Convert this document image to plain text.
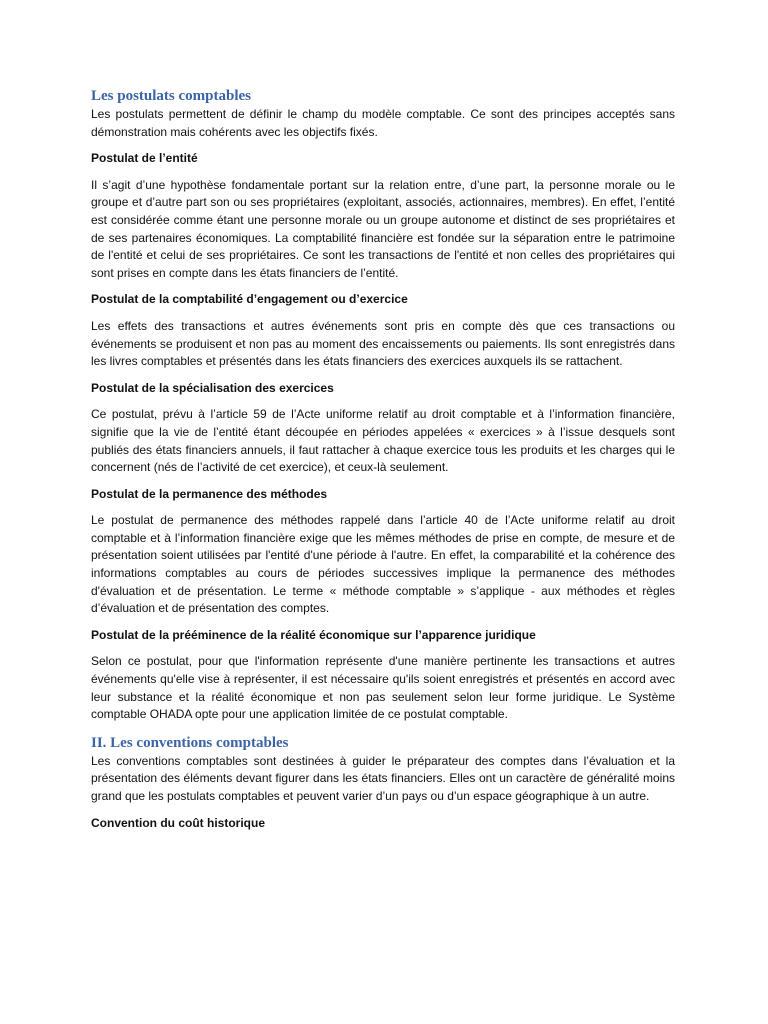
Les postulats comptables

Les postulats permettent de définir le champ du modèle comptable. Ce sont des principes acceptés sans démonstration mais cohérents avec les objectifs fixés.

Postulat de l’entité

Il s’agit d’une hypothèse fondamentale portant sur la relation entre, d’une part, la personne morale ou le groupe et d’autre part son ou ses propriétaires (exploitant, associés, actionnaires, membres). En effet, l’entité est considérée comme étant une personne morale ou un groupe autonome et distinct de ses propriétaires et de ses partenaires économiques. La comptabilité financière est fondée sur la séparation entre le patrimoine de l'entité et celui de ses propriétaires. Ce sont les transactions de l'entité et non celles des propriétaires qui sont prises en compte dans les états financiers de l’entité.

Postulat de la comptabilité d’engagement ou d’exercice

Les effets des transactions et autres événements sont pris en compte dès que ces transactions ou événements se produisent et non pas au moment des encaissements ou paiements. Ils sont enregistrés dans les livres comptables et présentés dans les états financiers des exercices auxquels ils se rattachent.

Postulat de la spécialisation des exercices

Ce postulat, prévu à l’article 59 de l’Acte uniforme relatif au droit comptable et à l’information financière, signifie que la vie de l’entité étant découpée en périodes appelées « exercices » à l’issue desquels sont publiés des états financiers annuels, il faut rattacher à chaque exercice tous les produits et les charges qui le concernent (nés de l’activité de cet exercice), et ceux-là seulement.

Postulat de la permanence des méthodes

Le postulat de permanence des méthodes rappelé dans l’article 40 de l’Acte uniforme relatif au droit comptable et à l’information financière exige que les mêmes méthodes de prise en compte, de mesure et de présentation soient utilisées par l'entité d'une période à l'autre. En effet, la comparabilité et la cohérence des informations comptables au cours de périodes successives implique la permanence des méthodes d'évaluation et de présentation. Le terme « méthode comptable » s’applique - aux méthodes et règles d’évaluation et de présentation des comptes.

Postulat de la prééminence de la réalité économique sur l’apparence juridique

Selon ce postulat, pour que l'information représente d'une manière pertinente les transactions et autres événements qu'elle vise à représenter, il est nécessaire qu'ils soient enregistrés et présentés en accord avec leur substance et la réalité économique et non pas seulement selon leur forme juridique. Le Système comptable OHADA opte pour une application limitée de ce postulat comptable.

II. Les conventions comptables

Les conventions comptables sont destinées à guider le préparateur des comptes dans l’évaluation et la présentation des éléments devant figurer dans les états financiers. Elles ont un caractère de généralité moins grand que les postulats comptables et peuvent varier d’un pays ou d’un espace géographique à un autre.

Convention du coût historique
